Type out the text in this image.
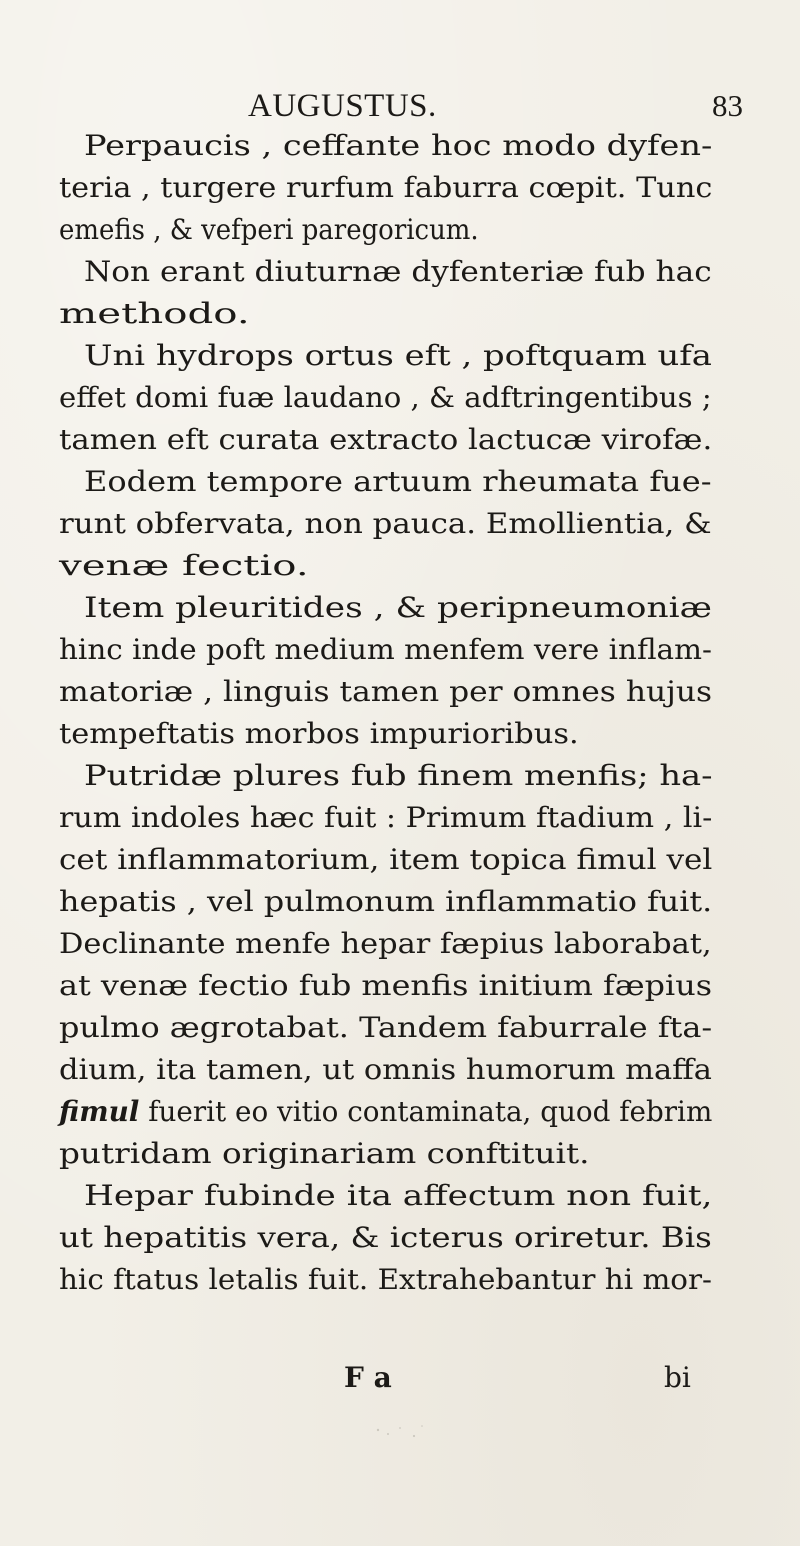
AUGUSTUS.	83
Perpaucis , ceffante hoc modo dyfen-
teria , turgere rurfum faburra cœpit. Tunc
emefis , & vefperi paregoricum.
Non erant diuturnæ dyfenteriæ fub hac
methodo.
Uni hydrops ortus eft , poftquam ufa
effet domi fuæ laudano , & adftringentibus ;
tamen eft curata extracto lactucæ virofæ.
Eodem tempore artuum rheumata fue-
runt obfervata, non pauca. Emollientia, &
venæ fectio.
Item pleuritides , & peripneumoniæ
hinc inde poft medium menfem vere inflam-
matoriæ , linguis tamen per omnes hujus
tempeftatis morbos impurioribus.
Putridæ plures fub finem menfis; ha-
rum indoles hæc fuit : Primum ftadium , li-
cet inflammatorium, item topica fimul vel
hepatis , vel pulmonum inflammatio fuit.
Declinante menfe hepar fæpius laborabat,
at venæ fectio fub menfis initium fæpius
pulmo ægrotabat. Tandem faburrale fta-
dium, ita tamen, ut omnis humorum maffa
fimul fuerit eo vitio contaminata, quod febrim
putridam originariam conftituit.
Hepar fubinde ita affectum non fuit,
ut hepatitis vera, & icterus oriretur. Bis
hic ftatus letalis fuit. Extrahebantur hi mor-
F a	bi
